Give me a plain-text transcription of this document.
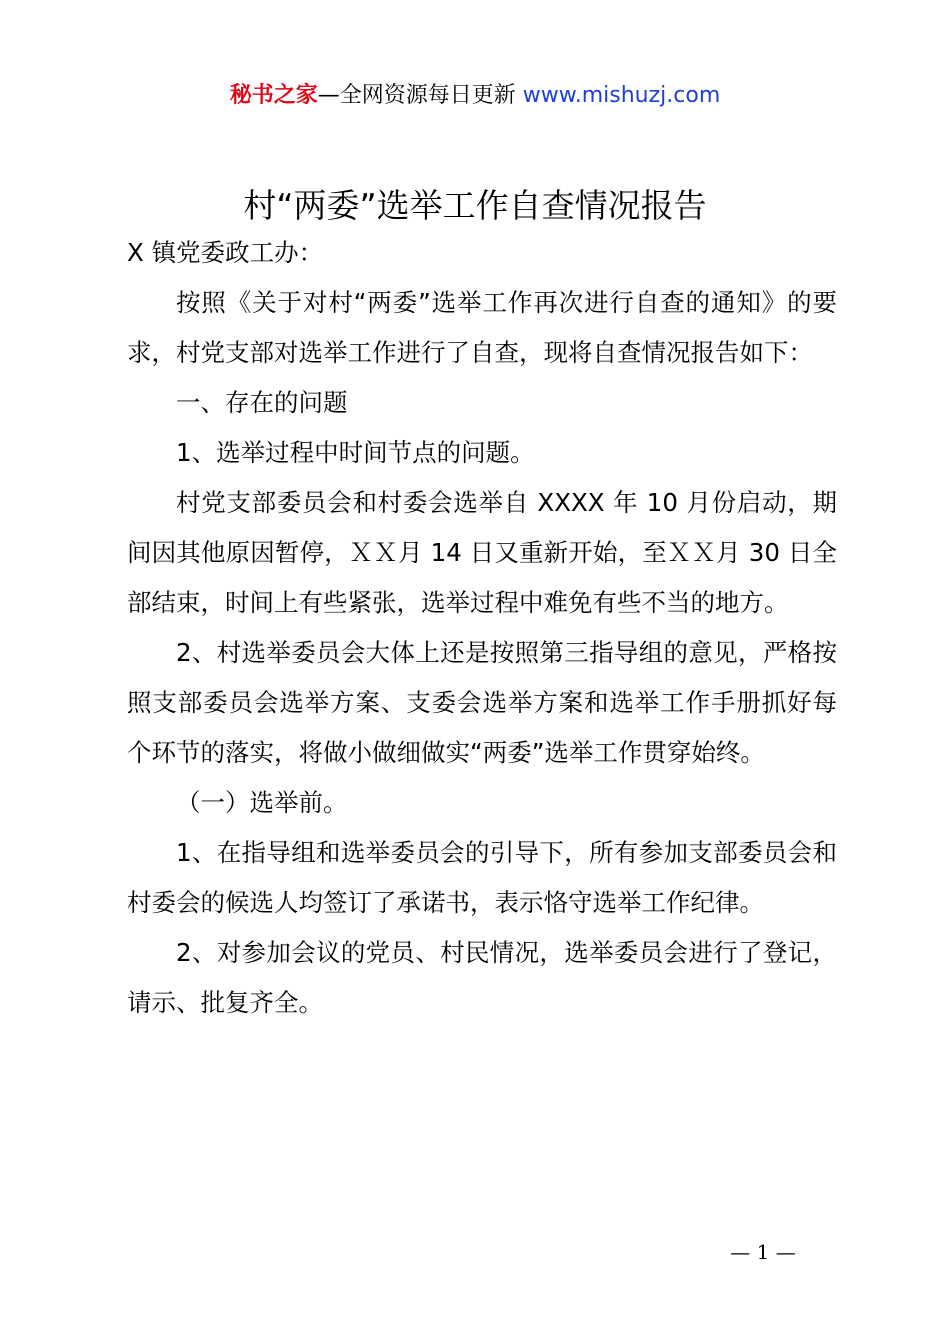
秘书之家—全网资源每日更新 www.mishuzj.com
村“两委”选举工作自查情况报告

X 镇党委政工办：

按照《关于对村“两委”选举工作再次进行自查的通知》的要求，村党支部对选举工作进行了自查，现将自查情况报告如下：

一、存在的问题

1、选举过程中时间节点的问题。

村党支部委员会和村委会选举自 XXXX 年 10 月份启动，期间因其他原因暂停，ＸＸ月 14 日又重新开始，至ＸＸ月 30 日全部结束，时间上有些紧张，选举过程中难免有些不当的地方。

2、村选举委员会大体上还是按照第三指导组的意见，严格按照支部委员会选举方案、支委会选举方案和选举工作手册抓好每个环节的落实，将做小做细做实“两委”选举工作贯穿始终。

（一）选举前。

1、在指导组和选举委员会的引导下，所有参加支部委员会和村委会的候选人均签订了承诺书，表示恪守选举工作纪律。

2、对参加会议的党员、村民情况，选举委员会进行了登记，请示、批复齐全。

— 1 —
